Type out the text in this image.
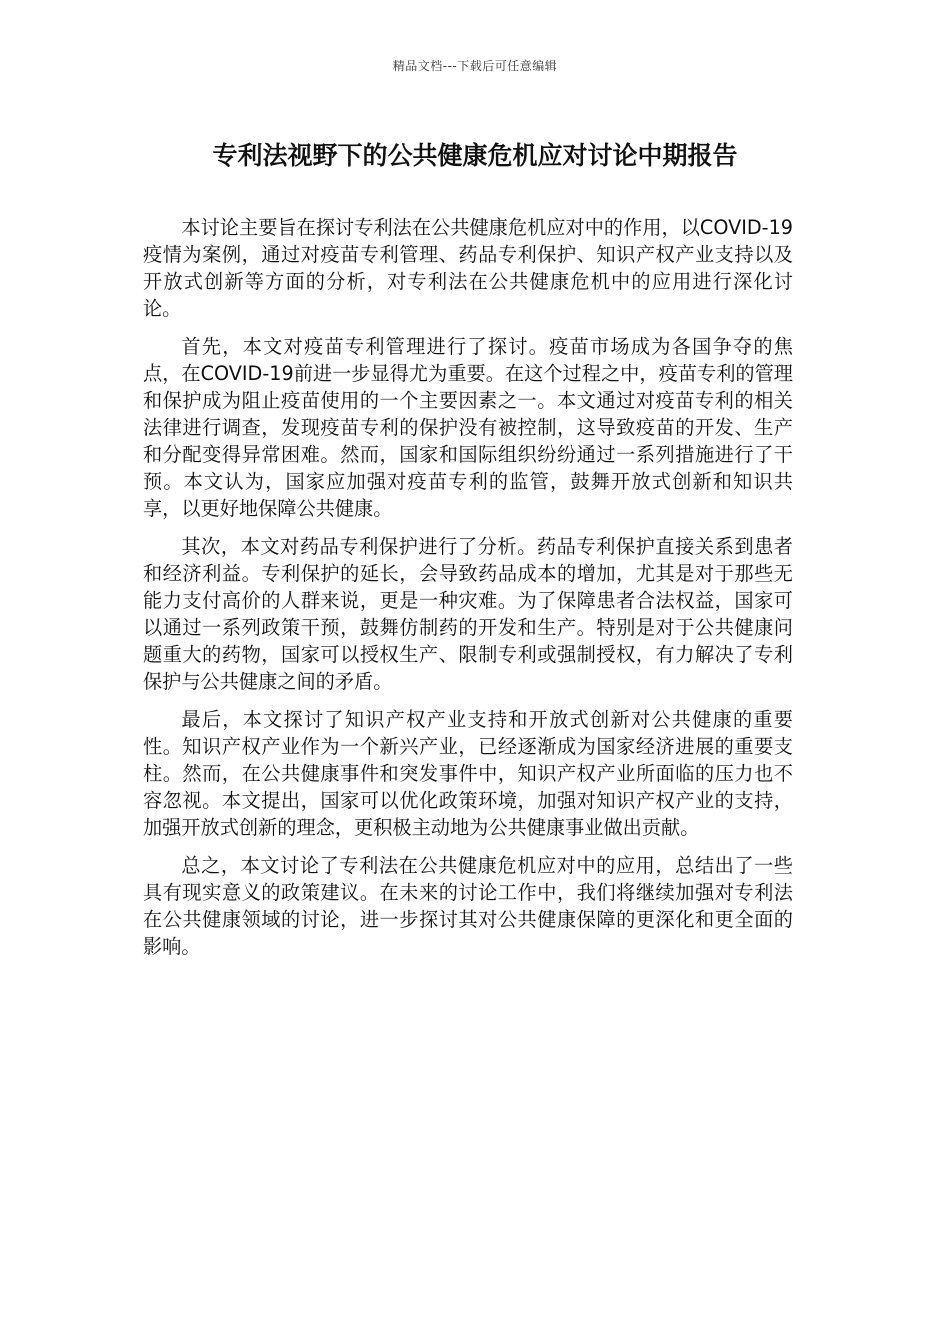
精品文档---下载后可任意编辑
专利法视野下的公共健康危机应对讨论中期报告

本讨论主要旨在探讨专利法在公共健康危机应对中的作用，以COVID-19疫情为案例，通过对疫苗专利管理、药品专利保护、知识产权产业支持以及开放式创新等方面的分析，对专利法在公共健康危机中的应用进行深化讨论。

首先，本文对疫苗专利管理进行了探讨。疫苗市场成为各国争夺的焦点，在COVID-19前进一步显得尤为重要。在这个过程之中，疫苗专利的管理和保护成为阻止疫苗使用的一个主要因素之一。本文通过对疫苗专利的相关法律进行调查，发现疫苗专利的保护没有被控制，这导致疫苗的开发、生产和分配变得异常困难。然而，国家和国际组织纷纷通过一系列措施进行了干预。本文认为，国家应加强对疫苗专利的监管，鼓舞开放式创新和知识共享，以更好地保障公共健康。

其次，本文对药品专利保护进行了分析。药品专利保护直接关系到患者和经济利益。专利保护的延长，会导致药品成本的增加，尤其是对于那些无能力支付高价的人群来说，更是一种灾难。为了保障患者合法权益，国家可以通过一系列政策干预，鼓舞仿制药的开发和生产。特别是对于公共健康问题重大的药物，国家可以授权生产、限制专利或强制授权，有力解决了专利保护与公共健康之间的矛盾。

最后，本文探讨了知识产权产业支持和开放式创新对公共健康的重要性。知识产权产业作为一个新兴产业，已经逐渐成为国家经济进展的重要支柱。然而，在公共健康事件和突发事件中，知识产权产业所面临的压力也不容忽视。本文提出，国家可以优化政策环境，加强对知识产权产业的支持，加强开放式创新的理念，更积极主动地为公共健康事业做出贡献。

总之，本文讨论了专利法在公共健康危机应对中的应用，总结出了一些具有现实意义的政策建议。在未来的讨论工作中，我们将继续加强对专利法在公共健康领域的讨论，进一步探讨其对公共健康保障的更深化和更全面的影响。
